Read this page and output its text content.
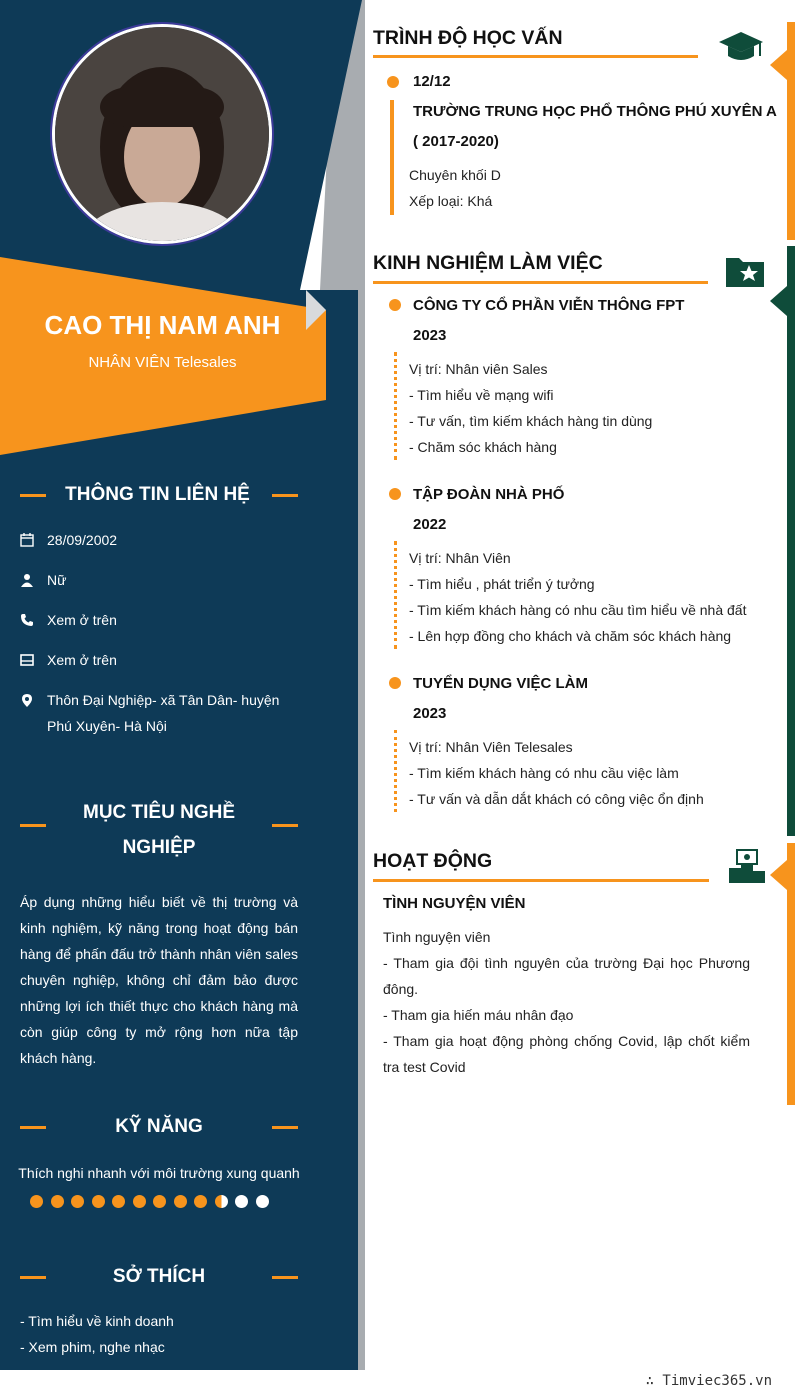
CAO THỊ NAM ANH
NHÂN VIÊN Telesales
THÔNG TIN LIÊN HỆ
28/09/2002
Nữ
Xem ở trên
Xem ở trên
Thôn Đại Nghiệp- xã Tân Dân- huyện Phú Xuyên- Hà Nội
MỤC TIÊU NGHỀ
NGHIỆP
Áp dụng những hiểu biết về thị trường và kinh nghiệm, kỹ năng trong hoạt động bán hàng để phấn đấu trở thành nhân viên sales chuyên nghiệp, không chỉ đảm bảo được những lợi ích thiết thực cho khách hàng mà còn giúp công ty mở rộng hơn nữa tập khách hàng.
KỸ NĂNG
Thích nghi nhanh với môi trường xung quanh
SỞ THÍCH
- Tìm hiểu về kinh doanh
- Xem phim, nghe nhạc
TRÌNH ĐỘ HỌC VẤN
12/12
TRƯỜNG TRUNG HỌC PHỔ THÔNG PHÚ XUYÊN A
( 2017-2020)
Chuyên khối D
Xếp loại: Khá
KINH NGHIỆM LÀM VIỆC
CÔNG TY CỔ PHẦN VIỄN THÔNG FPT
2023
Vị trí: Nhân viên Sales
- Tìm hiểu về mạng wifi
- Tư vấn, tìm kiếm khách hàng tin dùng
- Chăm sóc khách hàng
TẬP ĐOÀN NHÀ PHỐ
2022
Vị trí: Nhân Viên
- Tìm hiểu , phát triển ý tưởng
- Tìm kiếm khách hàng có nhu cầu tìm hiểu về nhà đất
- Lên hợp đồng cho khách và chăm sóc khách hàng
TUYỂN DỤNG VIỆC LÀM
2023
Vị trí: Nhân Viên Telesales
- Tìm kiếm khách hàng có nhu cầu việc làm
- Tư vấn và dẫn dắt khách có công việc ổn định
HOẠT ĐỘNG
TÌNH NGUYỆN VIÊN
Tình nguyện viên
- Tham gia đội tình nguyên của trường Đại học Phương đông.
- Tham gia hiến máu nhân đạo
- Tham gia hoạt động phòng chống Covid, lập chốt kiểm tra test Covid
∴ Timviec365.vn
